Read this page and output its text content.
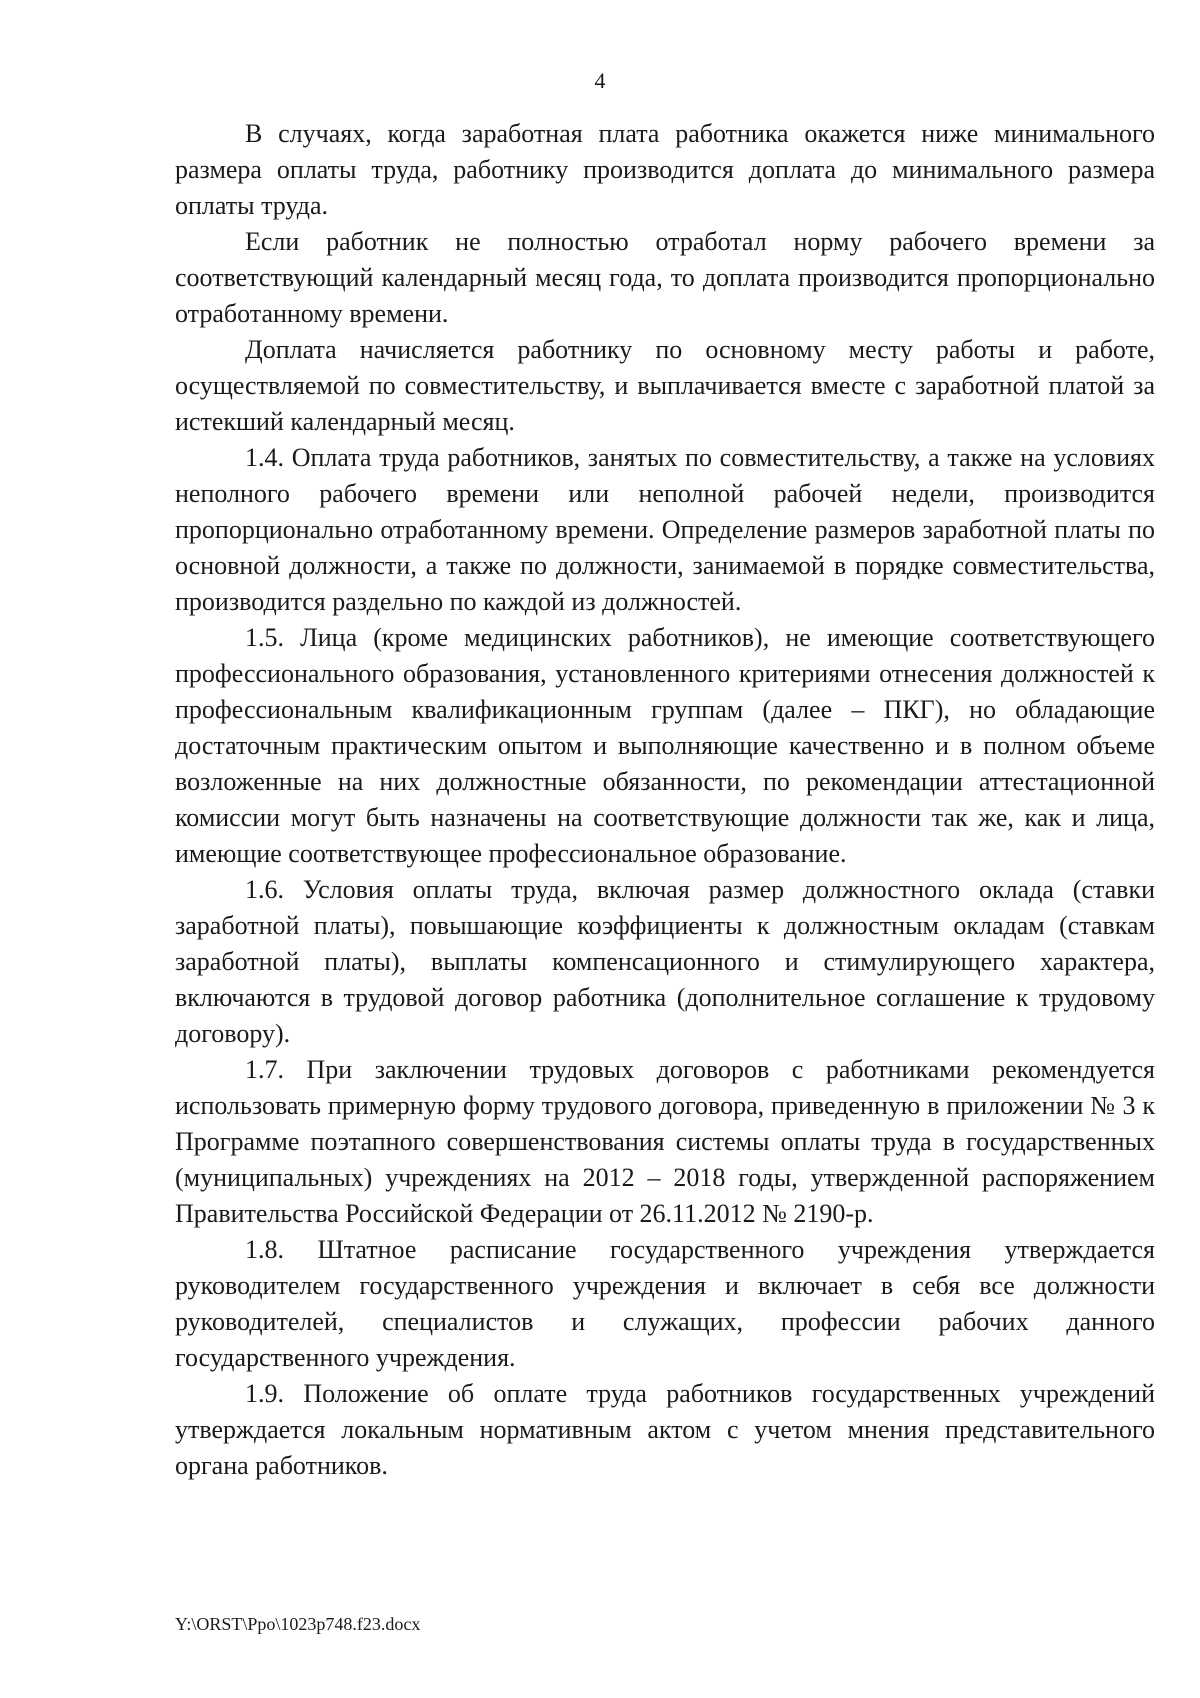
4

В случаях, когда заработная плата работника окажется ниже минимального размера оплаты труда, работнику производится доплата до минимального размера оплаты труда.

Если работник не полностью отработал норму рабочего времени за соответствующий календарный месяц года, то доплата производится пропорционально отработанному времени.

Доплата начисляется работнику по основному месту работы и работе, осуществляемой по совместительству, и выплачивается вместе с заработной платой за истекший календарный месяц.

1.4. Оплата труда работников, занятых по совместительству, а также на условиях неполного рабочего времени или неполной рабочей недели, производится пропорционально отработанному времени. Определение размеров заработной платы по основной должности, а также по должности, занимаемой в порядке совместительства, производится раздельно по каждой из должностей.

1.5. Лица (кроме медицинских работников), не имеющие соответствующего профессионального образования, установленного критериями отнесения должностей к профессиональным квалификационным группам (далее – ПКГ), но обладающие достаточным практическим опытом и выполняющие качественно и в полном объеме возложенные на них должностные обязанности, по рекомендации аттестационной комиссии могут быть назначены на соответствующие должности так же, как и лица, имеющие соответствующее профессиональное образование.

1.6. Условия оплаты труда, включая размер должностного оклада (ставки заработной платы), повышающие коэффициенты к должностным окладам (ставкам заработной платы), выплаты компенсационного и стимулирующего характера, включаются в трудовой договор работника (дополнительное соглашение к трудовому договору).

1.7. При заключении трудовых договоров с работниками рекомендуется использовать примерную форму трудового договора, приведенную в приложении № 3 к Программе поэтапного совершенствования системы оплаты труда в государственных (муниципальных) учреждениях на 2012 – 2018 годы, утвержденной распоряжением Правительства Российской Федерации от 26.11.2012 № 2190-р.

1.8. Штатное расписание государственного учреждения утверждается руководителем государственного учреждения и включает в себя все должности руководителей, специалистов и служащих, профессии рабочих данного государственного учреждения.

1.9. Положение об оплате труда работников государственных учреждений утверждается локальным нормативным актом с учетом мнения представительного органа работников.

Y:\ORST\Ppo\1023p748.f23.docx
